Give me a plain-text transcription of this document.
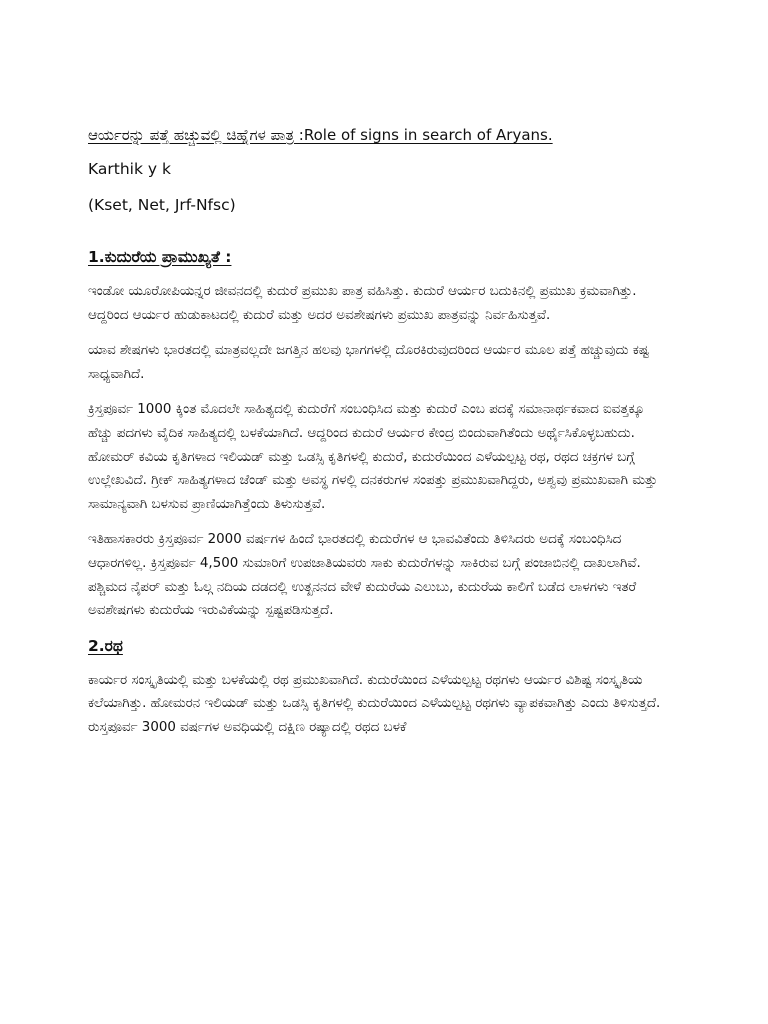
ಆರ್ಯರನ್ನು ಪತ್ತೆ ಹಚ್ಚುವಲ್ಲಿ ಚಿಹ್ನೆಗಳ ಪಾತ್ರ :Role of signs in search of Aryans.
Karthik y k
(Kset, Net, Jrf-Nfsc)
1.ಕುದುರೆಯ ಪ್ರಾಮುಖ್ಯತೆ :

ಇಂಡೋ ಯೂರೋಪಿಯನ್ನರ ಜೀವನದಲ್ಲಿ ಕುದುರೆ ಪ್ರಮುಖ ಪಾತ್ರ ವಹಿಸಿತ್ತು. ಕುದುರೆ ಆರ್ಯರ ಬದುಕಿನಲ್ಲಿ ಪ್ರಮುಖ ಕ್ರಮವಾಗಿತ್ತು. ಆದ್ದರಿಂದ ಆರ್ಯರ ಹುಡುಕಾಟದಲ್ಲಿ ಕುದುರೆ ಮತ್ತು ಅದರ ಅವಶೇಷಗಳು ಪ್ರಮುಖ ಪಾತ್ರವನ್ನು ನಿರ್ವಹಿಸುತ್ತವೆ.

ಯಾವ ಶೇಷಗಳು ಭಾರತದಲ್ಲಿ ಮಾತ್ರವಲ್ಲದೇ ಜಗತ್ತಿನ ಹಲವು ಭಾಗಗಳಲ್ಲಿ ದೊರಕಿರುವುದರಿಂದ ಆರ್ಯರ ಮೂಲ ಪತ್ತೆ ಹಚ್ಚುವುದು ಕಷ್ಟ ಸಾಧ್ಯವಾಗಿದೆ.

ಕ್ರಿಸ್ತಪೂರ್ವ 1000 ಕ್ಕಿಂತ ಮೊದಲೇ ಸಾಹಿತ್ಯದಲ್ಲಿ ಕುದುರೆಗೆ ಸಂಬಂಧಿಸಿದ ಮತ್ತು ಕುದುರೆ ಎಂಬ ಪದಕ್ಕೆ ಸಮಾನಾರ್ಥಕವಾದ ಐವತ್ತಕ್ಕೂ ಹೆಚ್ಚು ಪದಗಳು ವೈದಿಕ ಸಾಹಿತ್ಯದಲ್ಲಿ ಬಳಕೆಯಾಗಿದೆ. ಆದ್ದರಿಂದ ಕುದುರೆ ಆರ್ಯರ ಕೇಂದ್ರ ಬಿಂದುವಾಗಿತೆಂದು ಅರ್ಥೈಸಿಕೊಳ್ಳಬಹುದು. ಹೋಮರ್ ಕವಿಯ ಕೃತಿಗಳಾದ ಇಲಿಯಡ್ ಮತ್ತು ಒಡಸ್ಸಿ ಕೃತಿಗಳಲ್ಲಿ ಕುದುರೆ, ಕುದುರೆಯಿಂದ ಎಳೆಯಲ್ಪಟ್ಟ ರಥ, ರಥದ ಚಕ್ರಗಳ ಬಗ್ಗೆ ಉಲ್ಲೇಖವಿದೆ. ಗ್ರೀಕ್ ಸಾಹಿತ್ಯಗಳಾದ ಜೆಂಡ್ ಮತ್ತು ಅವಸ್ಥ ಗಳಲ್ಲಿ ದನಕರುಗಳ ಸಂಪತ್ತು ಪ್ರಮುಖವಾಗಿದ್ದರು, ಅಶ್ವವು ಪ್ರಮುಖವಾಗಿ ಮತ್ತು ಸಾಮಾನ್ಯವಾಗಿ ಬಳಸುವ ಪ್ರಾಣಿಯಾಗಿತ್ತೆಂದು ತಿಳುಸುತ್ತವೆ.

ಇತಿಹಾಸಕಾರರು ಕ್ರಿಸ್ತಪೂರ್ವ 2000 ವರ್ಷಗಳ ಹಿಂದೆ ಭಾರತದಲ್ಲಿ ಕುದುರೆಗಳ ಆ ಭಾವವಿತೆಂದು ತಿಳಿಸಿದರು ಅದಕ್ಕೆ ಸಂಬಂಧಿಸಿದ ಆಧಾರಗಳಿಲ್ಲ. ಕ್ರಿಸ್ತಪೂರ್ವ 4,500 ಸುಮಾರಿಗೆ ಉಪಜಾತಿಯವರು ಸಾಕು ಕುದುರೆಗಳನ್ನು ಸಾಕಿರುವ ಬಗ್ಗೆ ಪಂಜಾಬಿನಲ್ಲಿ ದಾಖಲಾಗಿವೆ. ಪಶ್ಚಿಮದ ನೈಪರ್ ಮತ್ತು ಓಲ್ಗ ನದಿಯ ದಡದಲ್ಲಿ ಉತ್ಖನನದ ವೇಳೆ ಕುದುರೆಯ ಎಲುಬು, ಕುದುರೆಯ ಕಾಲಿಗೆ ಬಡೆದ ಲಾಳಗಳು ಇತರೆ ಅವಶೇಷಗಳು ಕುದುರೆಯ ಇರುವಿಕೆಯನ್ನು ಸ್ಪಷ್ಟಪಡಿಸುತ್ತದೆ.

2.ರಥ

ಕಾರ್ಯರ ಸಂಸ್ಕೃತಿಯಲ್ಲಿ ಮತ್ತು ಬಳಕೆಯಲ್ಲಿ ರಥ ಪ್ರಮುಖವಾಗಿದೆ. ಕುದುರೆಯಿಂದ ಎಳೆಯಲ್ಪಟ್ಟ ರಥಗಳು ಆರ್ಯರ ವಿಶಿಷ್ಟ ಸಂಸ್ಕೃತಿಯ ಕಲೆಯಾಗಿತ್ತು. ಹೋಮರನ ಇಲಿಯಡ್ ಮತ್ತು ಒಡಸ್ಸಿ ಕೃತಿಗಳಲ್ಲಿ ಕುದುರೆಯಿಂದ ಎಳೆಯಲ್ಪಟ್ಟ ರಥಗಳು ವ್ಯಾಪಕವಾಗಿತ್ತು ಎಂದು ತಿಳಿಸುತ್ತದೆ. ರುಸ್ತಪೂರ್ವ 3000 ವರ್ಷಗಳ ಅವಧಿಯಲ್ಲಿ ದಕ್ಷಿಣ ರಷ್ಯಾದಲ್ಲಿ ರಥದ ಬಳಕೆ
